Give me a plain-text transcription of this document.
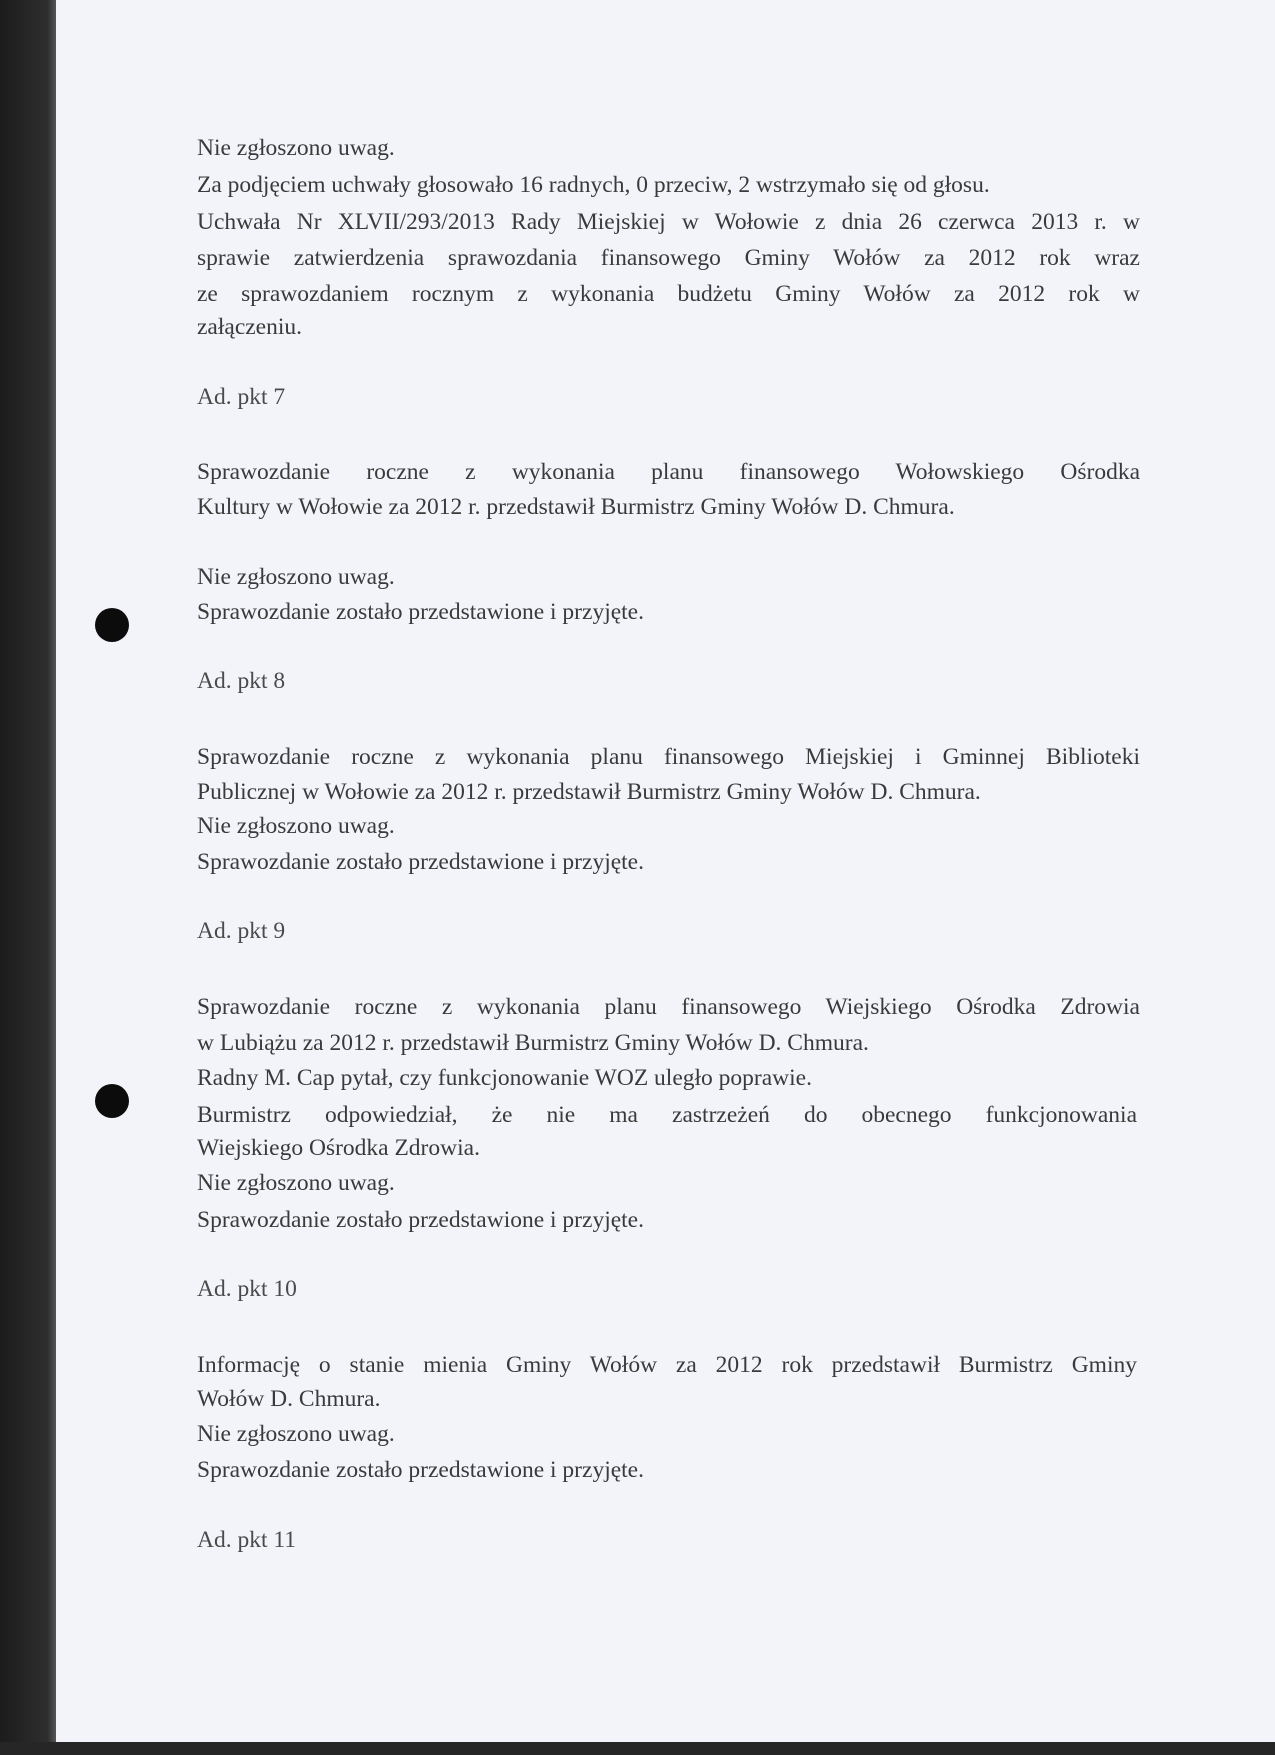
Nie zgłoszono uwag.
Za podjęciem uchwały głosowało 16 radnych, 0 przeciw, 2 wstrzymało się od głosu.
Uchwała Nr XLVII/293/2013 Rady Miejskiej w Wołowie z dnia 26 czerwca 2013 r. w
sprawie zatwierdzenia sprawozdania finansowego Gminy Wołów za 2012 rok wraz
ze sprawozdaniem rocznym z wykonania budżetu Gminy Wołów za 2012 rok w
załączeniu.
Ad. pkt 7
Sprawozdanie roczne z wykonania planu finansowego Wołowskiego Ośrodka
Kultury w Wołowie za 2012 r. przedstawił Burmistrz Gminy Wołów D. Chmura.
Nie zgłoszono uwag.
Sprawozdanie zostało przedstawione i przyjęte.
Ad. pkt 8
Sprawozdanie roczne z wykonania planu finansowego Miejskiej i Gminnej Biblioteki
Publicznej w Wołowie za 2012 r. przedstawił Burmistrz Gminy Wołów D. Chmura.
Nie zgłoszono uwag.
Sprawozdanie zostało przedstawione i przyjęte.
Ad. pkt 9
Sprawozdanie roczne z wykonania planu finansowego Wiejskiego Ośrodka Zdrowia
w Lubiążu za 2012 r. przedstawił Burmistrz Gminy Wołów D. Chmura.
Radny M. Cap pytał, czy funkcjonowanie WOZ uległo poprawie.
Burmistrz odpowiedział, że nie ma zastrzeżeń do obecnego funkcjonowania
Wiejskiego Ośrodka Zdrowia.
Nie zgłoszono uwag.
Sprawozdanie zostało przedstawione i przyjęte.
Ad. pkt 10
Informację o stanie mienia Gminy Wołów za 2012 rok przedstawił Burmistrz Gminy
Wołów D. Chmura.
Nie zgłoszono uwag.
Sprawozdanie zostało przedstawione i przyjęte.
Ad. pkt 11
